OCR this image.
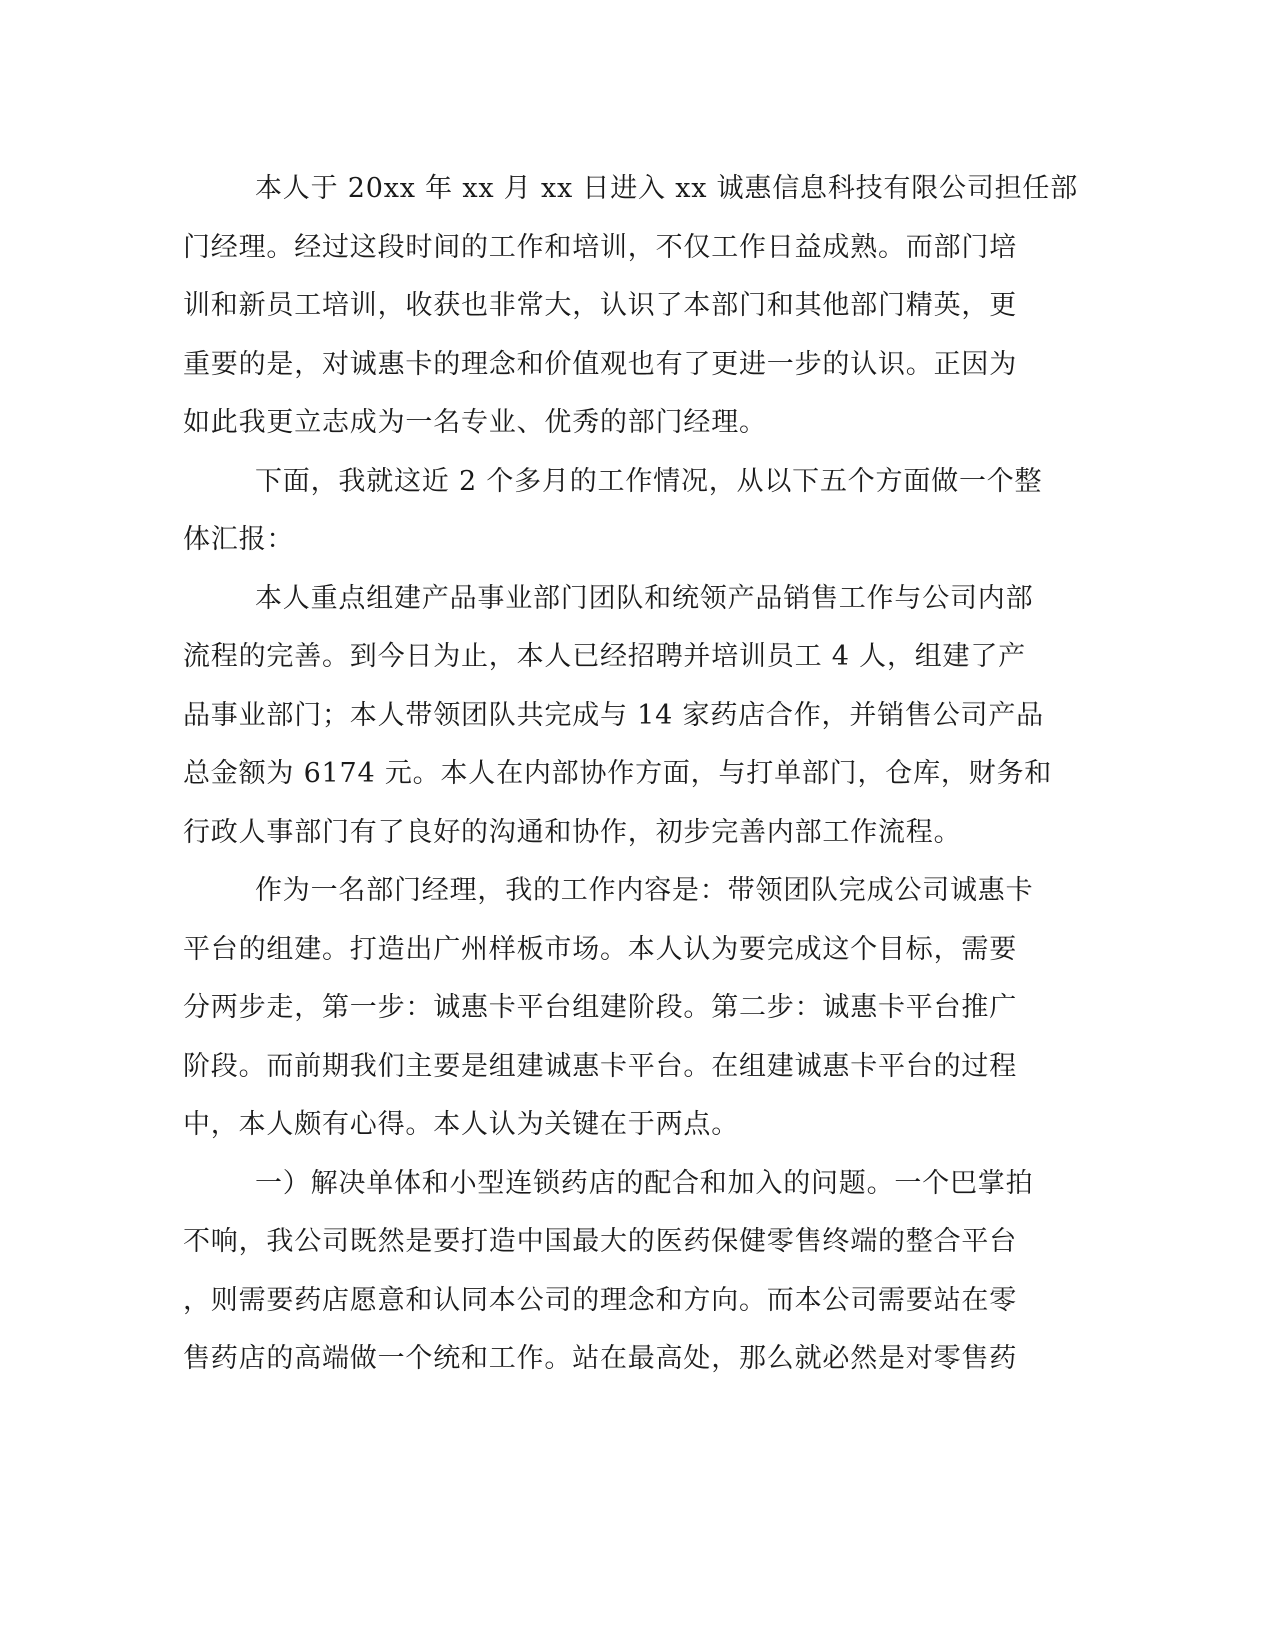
本人于 20xx 年 xx 月 xx 日进入 xx 诚惠信息科技有限公司担任部
门经理。经过这段时间的工作和培训，不仅工作日益成熟。而部门培
训和新员工培训，收获也非常大，认识了本部门和其他部门精英，更
重要的是，对诚惠卡的理念和价值观也有了更进一步的认识。正因为
如此我更立志成为一名专业、优秀的部门经理。
下面，我就这近 2 个多月的工作情况，从以下五个方面做一个整
体汇报：
本人重点组建产品事业部门团队和统领产品销售工作与公司内部
流程的完善。到今日为止，本人已经招聘并培训员工 4 人，组建了产
品事业部门；本人带领团队共完成与 14 家药店合作，并销售公司产品
总金额为 6174 元。本人在内部协作方面，与打单部门，仓库，财务和
行政人事部门有了良好的沟通和协作，初步完善内部工作流程。
作为一名部门经理，我的工作内容是：带领团队完成公司诚惠卡
平台的组建。打造出广州样板市场。本人认为要完成这个目标，需要
分两步走，第一步：诚惠卡平台组建阶段。第二步：诚惠卡平台推广
阶段。而前期我们主要是组建诚惠卡平台。在组建诚惠卡平台的过程
中，本人颇有心得。本人认为关键在于两点。
一）解决单体和小型连锁药店的配合和加入的问题。一个巴掌拍
不响，我公司既然是要打造中国最大的医药保健零售终端的整合平台
，则需要药店愿意和认同本公司的理念和方向。而本公司需要站在零
售药店的高端做一个统和工作。站在最高处，那么就必然是对零售药
